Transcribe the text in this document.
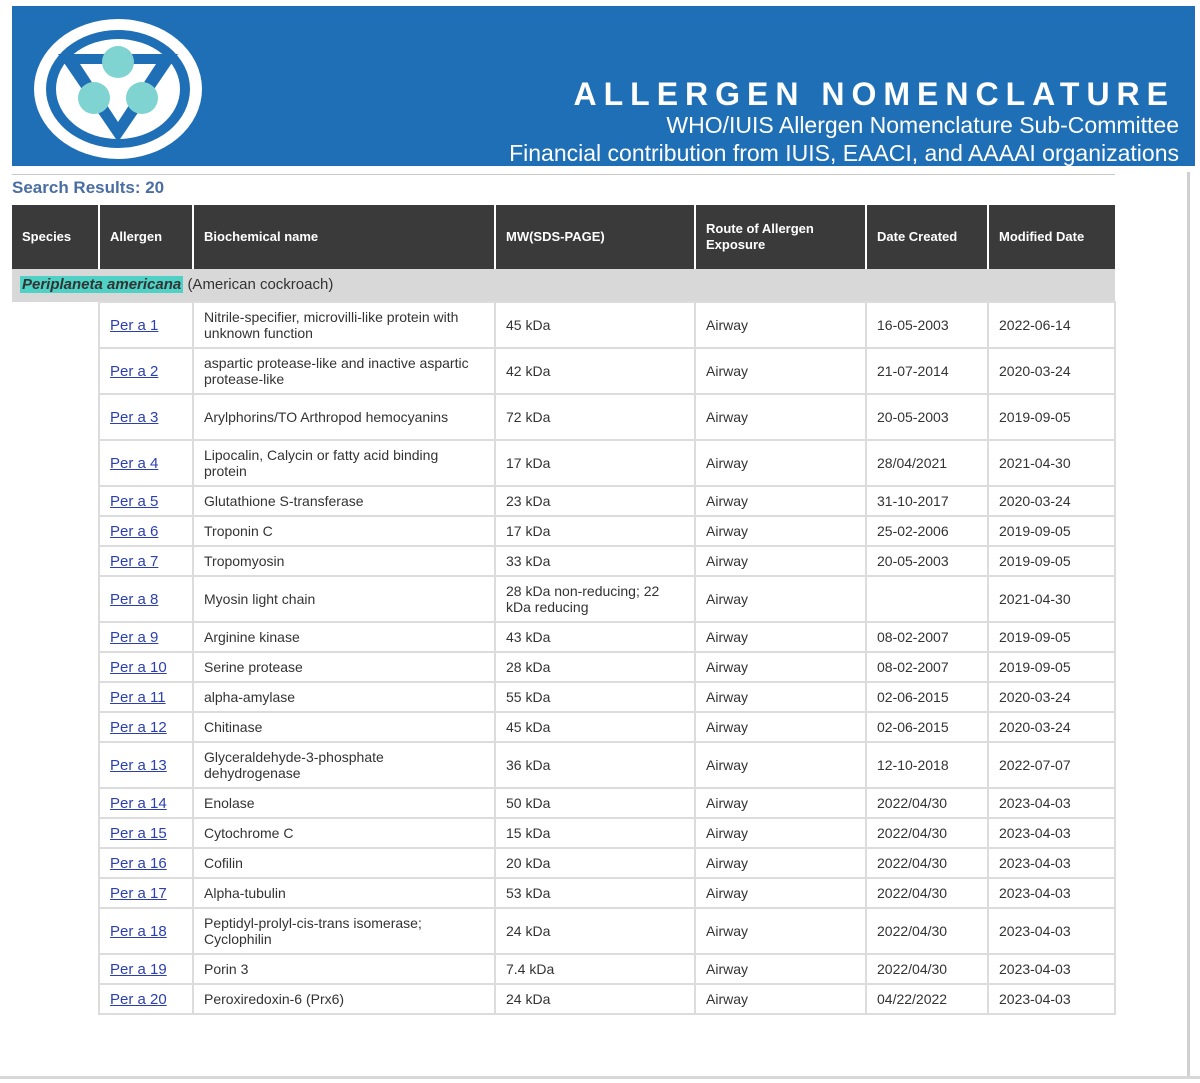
ALLERGEN NOMENCLATURE
WHO/IUIS Allergen Nomenclature Sub-Committee
Financial contribution from IUIS, EAACI, and AAAAI organizations
Search Results: 20
Species	Allergen	Biochemical name	MW(SDS-PAGE)	Route of Allergen Exposure	Date Created	Modified Date
Periplaneta americana (American cockroach)						
	Per a 1	Nitrile-specifier, microvilli-like protein with unknown function	45 kDa	Airway	16-05-2003	2022-06-14
	Per a 2	aspartic protease-like and inactive aspartic protease-like	42 kDa	Airway	21-07-2014	2020-03-24
	Per a 3	Arylphorins/TO Arthropod hemocyanins	72 kDa	Airway	20-05-2003	2019-09-05
	Per a 4	Lipocalin, Calycin or fatty acid binding protein	17 kDa	Airway	28/04/2021	2021-04-30
	Per a 5	Glutathione S-transferase	23 kDa	Airway	31-10-2017	2020-03-24
	Per a 6	Troponin C	17 kDa	Airway	25-02-2006	2019-09-05
	Per a 7	Tropomyosin	33 kDa	Airway	20-05-2003	2019-09-05
	Per a 8	Myosin light chain	28 kDa non-reducing; 22 kDa reducing	Airway		2021-04-30
	Per a 9	Arginine kinase	43 kDa	Airway	08-02-2007	2019-09-05
	Per a 10	Serine protease	28 kDa	Airway	08-02-2007	2019-09-05
	Per a 11	alpha-amylase	55 kDa	Airway	02-06-2015	2020-03-24
	Per a 12	Chitinase	45 kDa	Airway	02-06-2015	2020-03-24
	Per a 13	Glyceraldehyde-3-phosphate dehydrogenase	36 kDa	Airway	12-10-2018	2022-07-07
	Per a 14	Enolase	50 kDa	Airway	2022/04/30	2023-04-03
	Per a 15	Cytochrome C	15 kDa	Airway	2022/04/30	2023-04-03
	Per a 16	Cofilin	20 kDa	Airway	2022/04/30	2023-04-03
	Per a 17	Alpha-tubulin	53 kDa	Airway	2022/04/30	2023-04-03
	Per a 18	Peptidyl-prolyl-cis-trans isomerase; Cyclophilin	24 kDa	Airway	2022/04/30	2023-04-03
	Per a 19	Porin 3	7.4 kDa	Airway	2022/04/30	2023-04-03
	Per a 20	Peroxiredoxin-6 (Prx6)	24 kDa	Airway	04/22/2022	2023-04-03
